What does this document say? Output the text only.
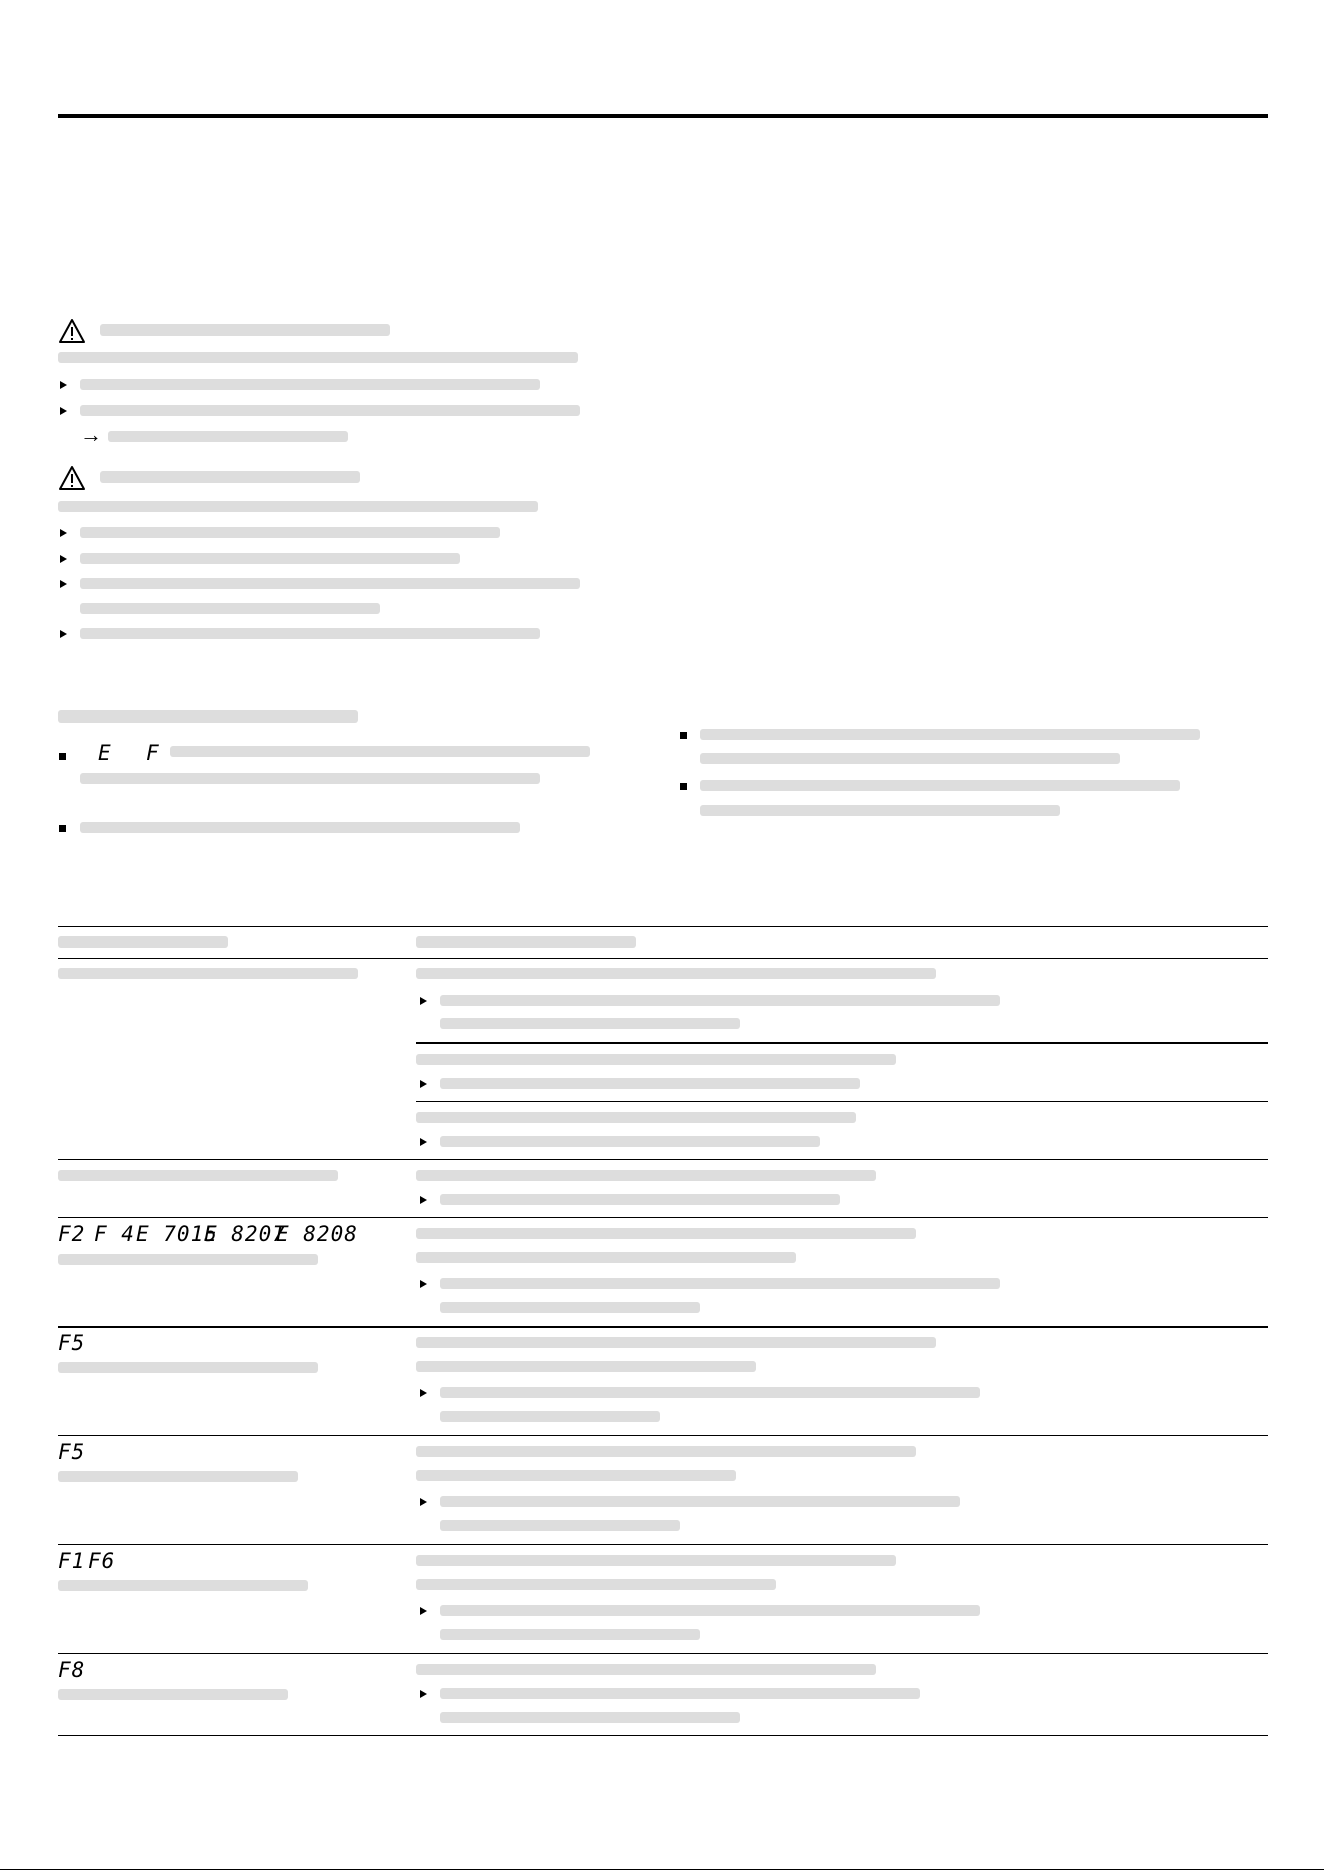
→
E F
F2 F 4 E 7015
E 8207
E 8208
F5
F5
F1 F6
F8
